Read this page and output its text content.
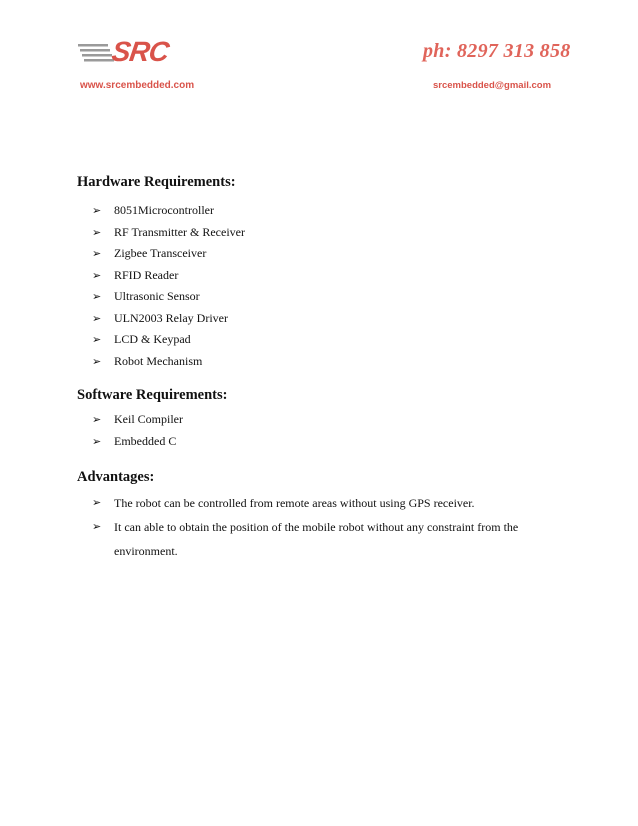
SRC
www.srcembedded.com
ph: 8297 313 858
srcembedded@gmail.com
Hardware Requirements:
➢ 8051Microcontroller
➢ RF Transmitter & Receiver
➢ Zigbee Transceiver
➢ RFID Reader
➢ Ultrasonic Sensor
➢ ULN2003 Relay Driver
➢ LCD & Keypad
➢ Robot Mechanism
Software Requirements:
➢ Keil Compiler
➢ Embedded C
Advantages:
➢ The robot can be controlled from remote areas without using GPS receiver.
➢ It can able to obtain the position of the mobile robot without any constraint from the environment.
